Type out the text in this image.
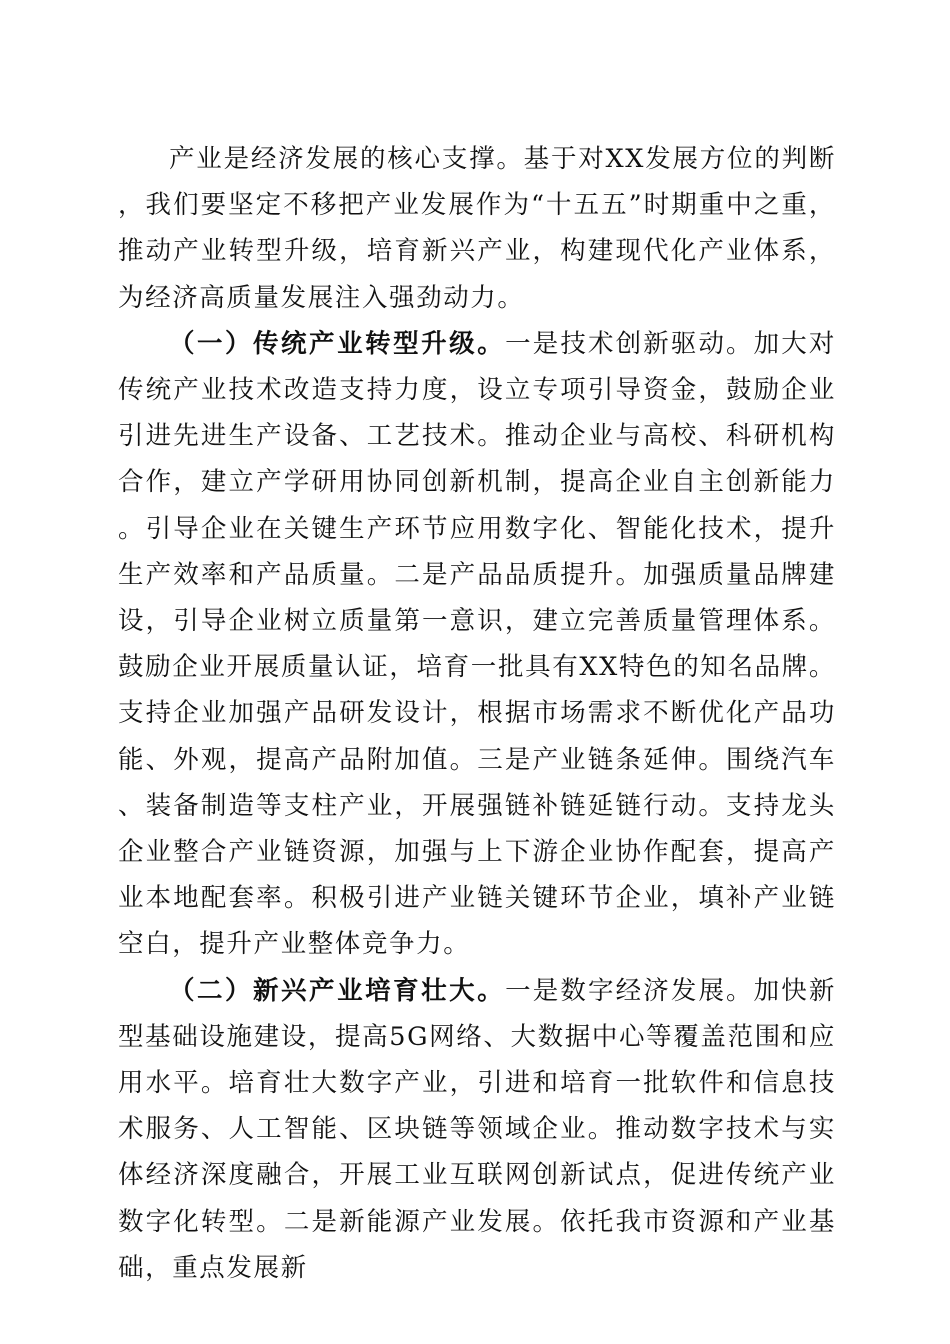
产业是经济发展的核心支撑。基于对XX发展方位的判断，我们要坚定不移把产业发展作为“十五五”时期重中之重，推动产业转型升级，培育新兴产业，构建现代化产业体系，为经济高质量发展注入强劲动力。

（一）传统产业转型升级。一是技术创新驱动。加大对传统产业技术改造支持力度，设立专项引导资金，鼓励企业引进先进生产设备、工艺技术。推动企业与高校、科研机构合作，建立产学研用协同创新机制，提高企业自主创新能力。引导企业在关键生产环节应用数字化、智能化技术，提升生产效率和产品质量。二是产品品质提升。加强质量品牌建设，引导企业树立质量第一意识，建立完善质量管理体系。鼓励企业开展质量认证，培育一批具有XX特色的知名品牌。支持企业加强产品研发设计，根据市场需求不断优化产品功能、外观，提高产品附加值。三是产业链条延伸。围绕汽车、装备制造等支柱产业，开展强链补链延链行动。支持龙头企业整合产业链资源，加强与上下游企业协作配套，提高产业本地配套率。积极引进产业链关键环节企业，填补产业链空白，提升产业整体竞争力。

（二）新兴产业培育壮大。一是数字经济发展。加快新型基础设施建设，提高5G网络、大数据中心等覆盖范围和应用水平。培育壮大数字产业，引进和培育一批软件和信息技术服务、人工智能、区块链等领域企业。推动数字技术与实体经济深度融合，开展工业互联网创新试点，促进传统产业数字化转型。二是新能源产业发展。依托我市资源和产业基础，重点发展新
